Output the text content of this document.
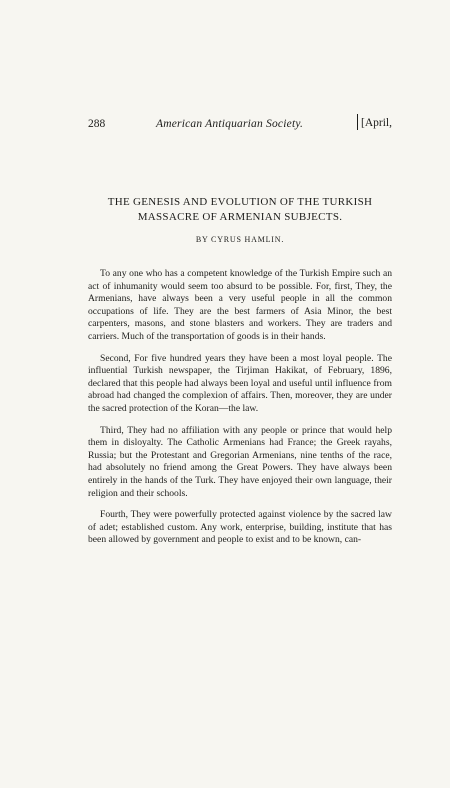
288	American Antiquarian Society.	[April,
THE GENESIS AND EVOLUTION OF THE TURKISH
MASSACRE OF ARMENIAN SUBJECTS.
BY CYRUS HAMLIN.

To any one who has a competent knowledge of the Turkish Empire such an act of inhumanity would seem too absurd to be possible. For, first, They, the Armenians, have always been a very useful people in all the common occupations of life. They are the best farmers of Asia Minor, the best carpenters, masons, and stone blasters and workers. They are traders and carriers. Much of the transportation of goods is in their hands.

Second, For five hundred years they have been a most loyal people. The influential Turkish newspaper, the Tirjiman Hakikat, of February, 1896, declared that this people had always been loyal and useful until influence from abroad had changed the complexion of affairs. Then, moreover, they are under the sacred protection of the Koran—the law.

Third, They had no affiliation with any people or prince that would help them in disloyalty. The Catholic Armenians had France; the Greek rayahs, Russia; but the Protestant and Gregorian Armenians, nine tenths of the race, had absolutely no friend among the Great Powers. They have always been entirely in the hands of the Turk. They have enjoyed their own language, their religion and their schools.

Fourth, They were powerfully protected against violence by the sacred law of adet; established custom. Any work, enterprise, building, institute that has been allowed by government and people to exist and to be known, can-
